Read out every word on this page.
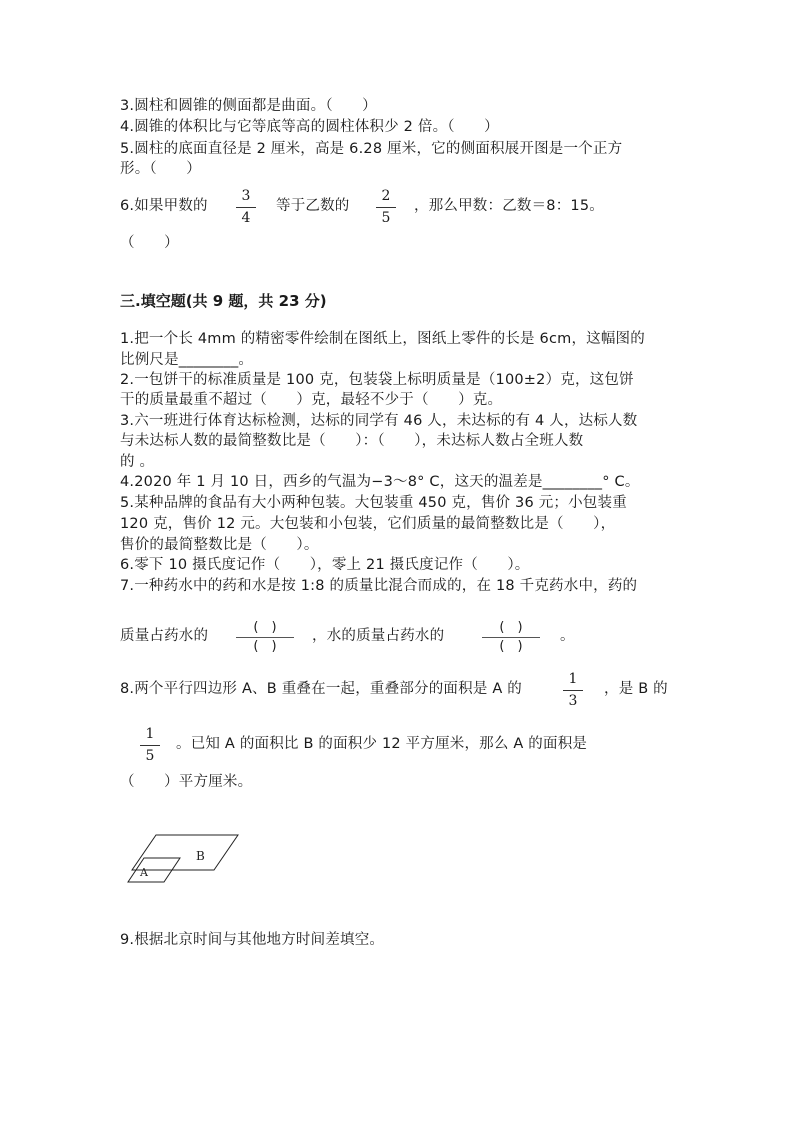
3.圆柱和圆锥的侧面都是曲面。（　　）
4.圆锥的体积比与它等底等高的圆柱体积少 2 倍。（　　）
5.圆柱的底面直径是 2 厘米，高是 6.28 厘米，它的侧面积展开图是一个正方
形。（　　）
6.如果甲数的
3
4
等于乙数的
2
5
，那么甲数：乙数＝8：15。
（　　）
三.填空题(共 9 题，共 23 分)
1.把一个长 4mm 的精密零件绘制在图纸上，图纸上零件的长是 6cm，这幅图的
比例尺是________。
2.一包饼干的标准质量是 100 克，包装袋上标明质量是（100±2）克，这包饼
干的质量最重不超过（　　）克，最轻不少于（　　）克。
3.六一班进行体育达标检测，达标的同学有 46 人，未达标的有 4 人，达标人数
与未达标人数的最简整数比是（　　）：（　　），未达标人数占全班人数
的 。
4.2020 年 1 月 10 日，西乡的气温为−3～8° C，这天的温差是________° C。
5.某种品牌的食品有大小两种包装。大包装重 450 克，售价 36 元；小包装重
120 克，售价 12 元。大包装和小包装，它们质量的最简整数比是（　　），
售价的最简整数比是（　　）。
6.零下 10 摄氏度记作（　　），零上 21 摄氏度记作（　　）。
7.一种药水中的药和水是按 1:8 的质量比混合而成的，在 18 千克药水中，药的
质量占药水的
(　)
(　)
，水的质量占药水的
(　)
(　)
。
8.两个平行四边形 A、B 重叠在一起，重叠部分的面积是 A 的
1
3
，是 B 的
1
5
。已知 A 的面积比 B 的面积少 12 平方厘米，那么 A 的面积是
（　　）平方厘米。
B
A
9.根据北京时间与其他地方时间差填空。
